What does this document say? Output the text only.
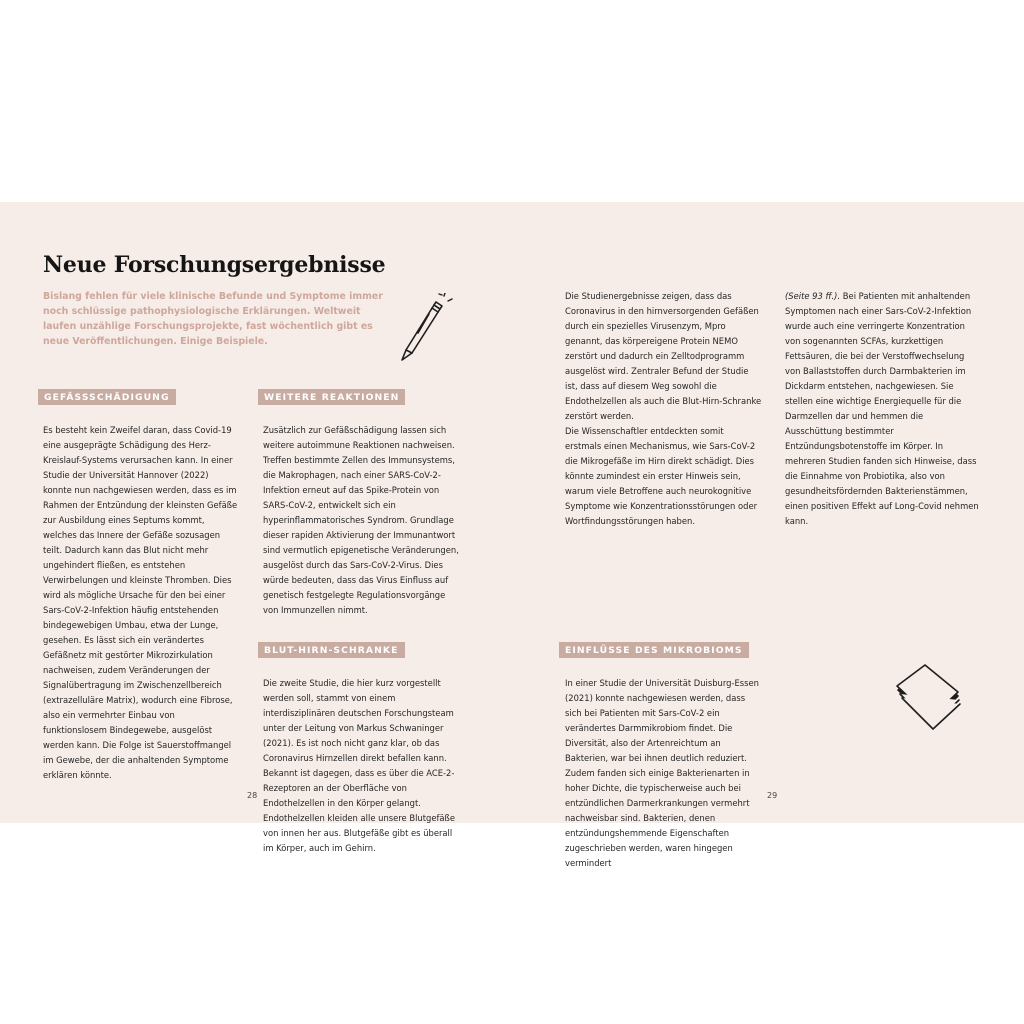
Neue Forschungsergebnisse
Bislang fehlen für viele klinische Befunde und Symptome immer noch schlüssige pathophysiologische Erklärungen. Weltweit laufen unzählige Forschungsprojekte, fast wöchentlich gibt es neue Veröffentlichungen. Einige Beispiele.
GEFÄSSSCHÄDIGUNG

Es besteht kein Zweifel daran, dass Covid-19 eine ausgeprägte Schädigung des Herz-Kreislauf-Systems verursachen kann. In einer Studie der Universität Hannover (2022) konnte nun nachgewiesen werden, dass es im Rahmen der Entzündung der kleinsten Gefäße zur Ausbildung eines Septums kommt, welches das Innere der Gefäße sozusagen teilt. Dadurch kann das Blut nicht mehr ungehindert fließen, es entstehen Verwirbelungen und kleinste Thromben. Dies wird als mögliche Ursache für den bei einer Sars-CoV-2-Infektion häufig entstehenden bindegewebigen Umbau, etwa der Lunge, gesehen. Es lässt sich ein verändertes Gefäßnetz mit gestörter Mikrozirkulation nachweisen, zudem Veränderungen der Signalübertragung im Zwischenzellbereich (extrazelluläre Matrix), wodurch eine Fibrose, also ein vermehrter Einbau von funktionslosem Bindegewebe, ausgelöst werden kann. Die Folge ist Sauerstoffmangel im Gewebe, der die anhaltenden Symptome erklären könnte.

WEITERE REAKTIONEN

Zusätzlich zur Gefäßschädigung lassen sich weitere autoimmune Reaktionen nachweisen. Treffen bestimmte Zellen des Immunsystems, die Makrophagen, nach einer SARS-CoV-2-Infektion erneut auf das Spike-Protein von SARS-CoV-2, entwickelt sich ein hyperinflammatorisches Syndrom. Grundlage dieser rapiden Aktivierung der Immunantwort sind vermutlich epigenetische Veränderungen, ausgelöst durch das Sars-CoV-2-Virus. Dies würde bedeuten, dass das Virus Einfluss auf genetisch festgelegte Regulationsvorgänge von Immunzellen nimmt.

BLUT-HIRN-SCHRANKE

Die zweite Studie, die hier kurz vorgestellt werden soll, stammt von einem interdisziplinären deutschen Forschungsteam unter der Leitung von Markus Schwaninger (2021). Es ist noch nicht ganz klar, ob das Coronavirus Hirnzellen direkt befallen kann. Bekannt ist dagegen, dass es über die ACE-2-Rezeptoren an der Oberfläche von Endothelzellen in den Körper gelangt. Endothelzellen kleiden alle unsere Blutgefäße von innen her aus. Blutgefäße gibt es überall im Körper, auch im Gehirn.

Die Studienergebnisse zeigen, dass das Coronavirus in den hirnversorgenden Gefäßen durch ein spezielles Virusenzym, Mpro genannt, das körpereigene Protein NEMO zerstört und dadurch ein Zelltodprogramm ausgelöst wird. Zentraler Befund der Studie ist, dass auf diesem Weg sowohl die Endothelzellen als auch die Blut-Hirn-Schranke zerstört werden.

Die Wissenschaftler entdeckten somit erstmals einen Mechanismus, wie Sars-CoV-2 die Mikrogefäße im Hirn direkt schädigt. Dies könnte zumindest ein erster Hinweis sein, warum viele Betroffene auch neurokognitive Symptome wie Konzentrationsstörungen oder Wortfindungsstörungen haben.

EINFLÜSSE DES MIKROBIOMS

In einer Studie der Universität Duisburg-Essen (2021) konnte nachgewiesen werden, dass sich bei Patienten mit Sars-CoV-2 ein verändertes Darmmikrobiom findet. Die Diversität, also der Artenreichtum an Bakterien, war bei ihnen deutlich reduziert. Zudem fanden sich einige Bakterienarten in hoher Dichte, die typischerweise auch bei entzündlichen Darmerkrankungen vermehrt nachweisbar sind. Bakterien, denen entzündungshemmende Eigenschaften zugeschrieben werden, waren hingegen vermindert

(Seite 93 ff.). Bei Patienten mit anhaltenden Symptomen nach einer Sars-CoV-2-Infektion wurde auch eine verringerte Konzentration von sogenannten SCFAs, kurzkettigen Fettsäuren, die bei der Verstoffwechselung von Ballaststoffen durch Darmbakterien im Dickdarm entstehen, nachgewiesen. Sie stellen eine wichtige Energiequelle für die Darmzellen dar und hemmen die Ausschüttung bestimmter Entzündungsbotenstoffe im Körper. In mehreren Studien fanden sich Hinweise, dass die Einnahme von Probiotika, also von gesundheitsfördernden Bakterienstämmen, einen positiven Effekt auf Long-Covid nehmen kann.

28	29
